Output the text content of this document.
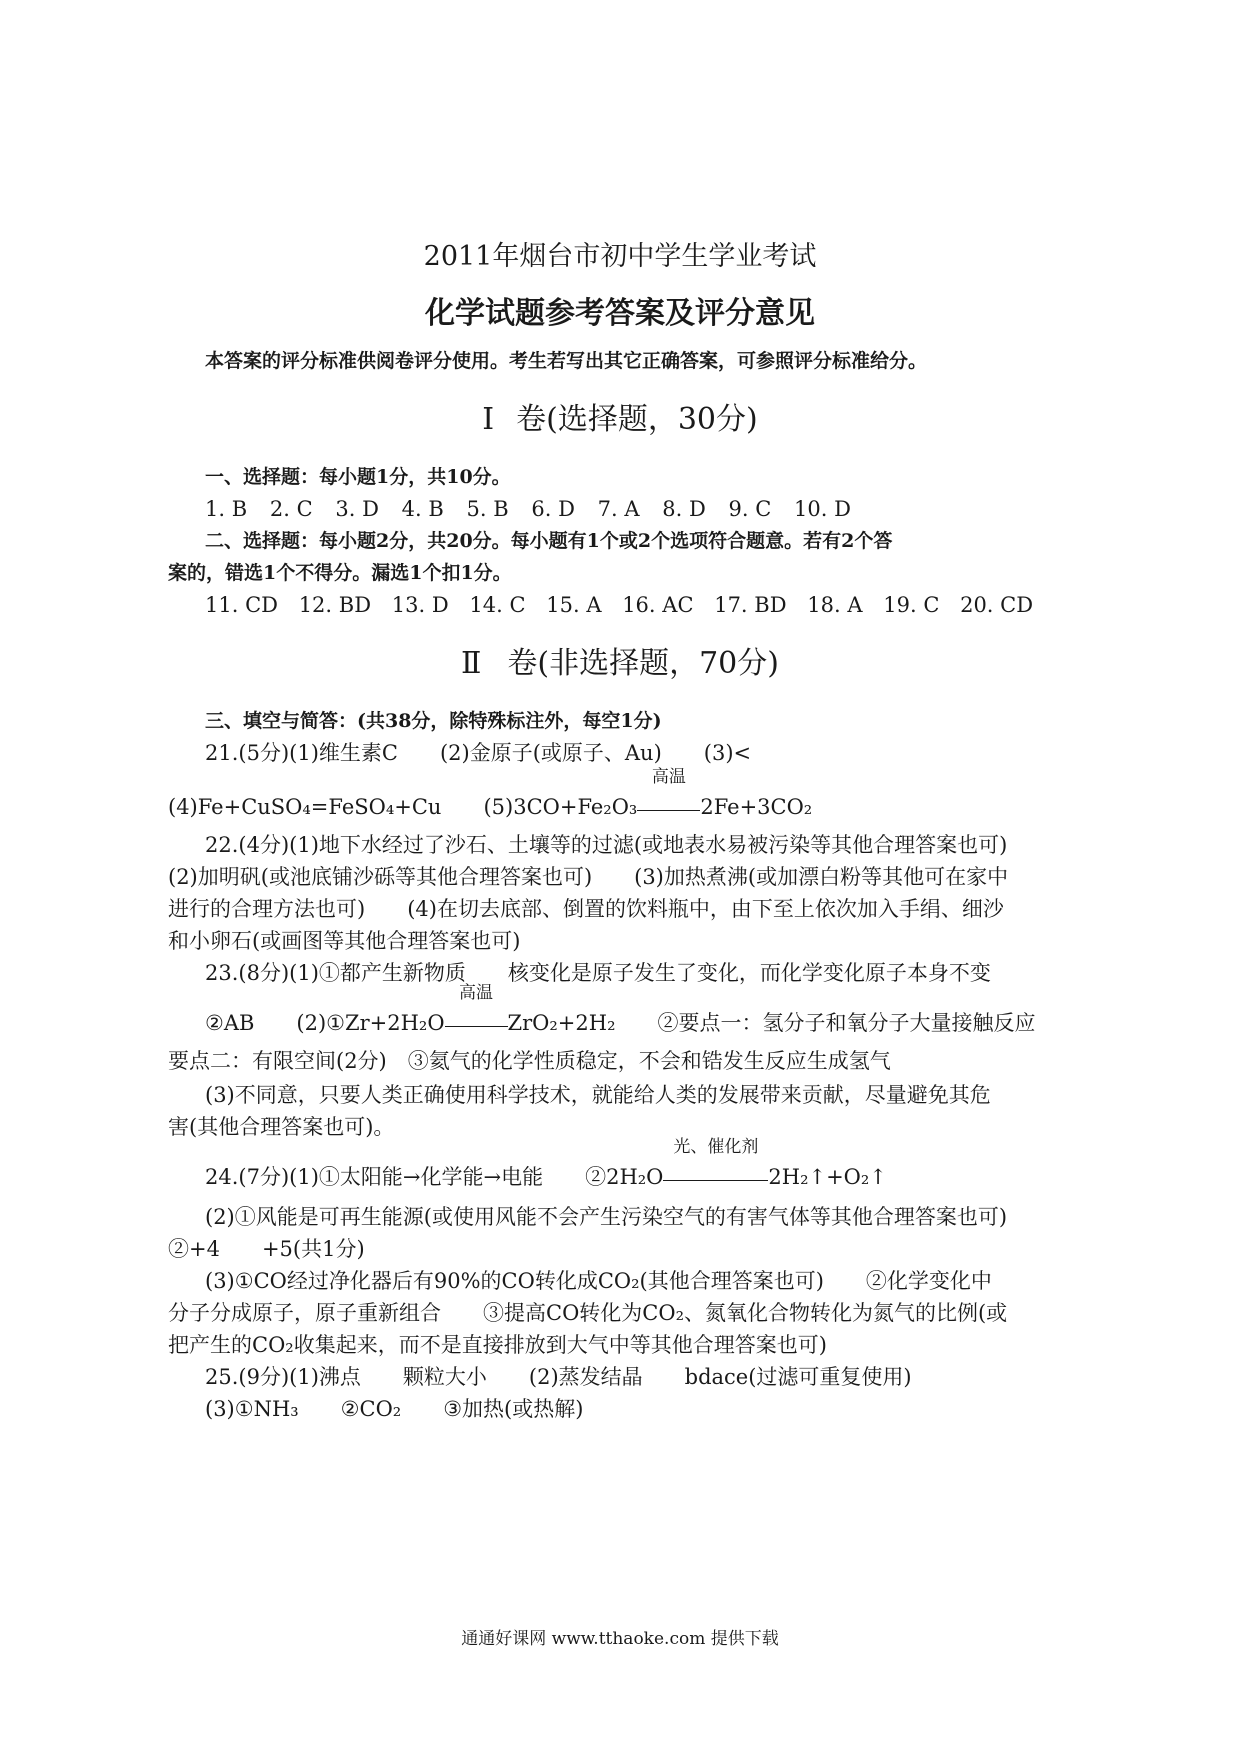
2011年烟台市初中学生学业考试
化学试题参考答案及评分意见
本答案的评分标准供阅卷评分使用。考生若写出其它正确答案，可参照评分标准给分。
Ⅰ 卷(选择题，30分)
一、选择题：每小题1分，共10分。
1. B 2. C 3. D 4. B 5. B 6. D 7. A 8. D 9. C 10. D
二、选择题：每小题2分，共20分。每小题有1个或2个选项符合题意。若有2个答
案的，错选1个不得分。漏选1个扣1分。
11. CD 12. BD 13. D 14. C 15. A 16. AC 17. BD 18. A 19. C 20. CD
Ⅱ 卷(非选择题，70分)
三、填空与简答：(共38分，除特殊标注外，每空1分)
21.(5分)(1)维生素C　　(2)金原子(或原子、Au)　　(3)<
(4)Fe+CuSO₄=FeSO₄+Cu　　(5)3CO+Fe₂O₃
高温
2Fe+3CO₂
22.(4分)(1)地下水经过了沙石、土壤等的过滤(或地表水易被污染等其他合理答案也可)
(2)加明矾(或池底铺沙砾等其他合理答案也可)　　(3)加热煮沸(或加漂白粉等其他可在家中
进行的合理方法也可)　　(4)在切去底部、倒置的饮料瓶中，由下至上依次加入手绢、细沙
和小卵石(或画图等其他合理答案也可)
23.(8分)(1)①都产生新物质　　核变化是原子发生了变化，而化学变化原子本身不变
②AB　　(2)①Zr+2H₂O
高温
ZrO₂+2H₂　　②要点一：氢分子和氧分子大量接触反应
要点二：有限空间(2分)　③氦气的化学性质稳定，不会和锆发生反应生成氢气
(3)不同意，只要人类正确使用科学技术，就能给人类的发展带来贡献，尽量避免其危
害(其他合理答案也可)。
24.(7分)(1)①太阳能→化学能→电能　　②2H₂O
光、催化剂
2H₂↑+O₂↑
(2)①风能是可再生能源(或使用风能不会产生污染空气的有害气体等其他合理答案也可)
②+4　　+5(共1分)
(3)①CO经过净化器后有90%的CO转化成CO₂(其他合理答案也可)　　②化学变化中
分子分成原子，原子重新组合　　③提高CO转化为CO₂、氮氧化合物转化为氮气的比例(或
把产生的CO₂收集起来，而不是直接排放到大气中等其他合理答案也可)
25.(9分)(1)沸点　　颗粒大小　　(2)蒸发结晶　　bdace(过滤可重复使用)
(3)①NH₃　　②CO₂　　③加热(或热解)
通通好课网 www.tthaoke.com 提供下载
